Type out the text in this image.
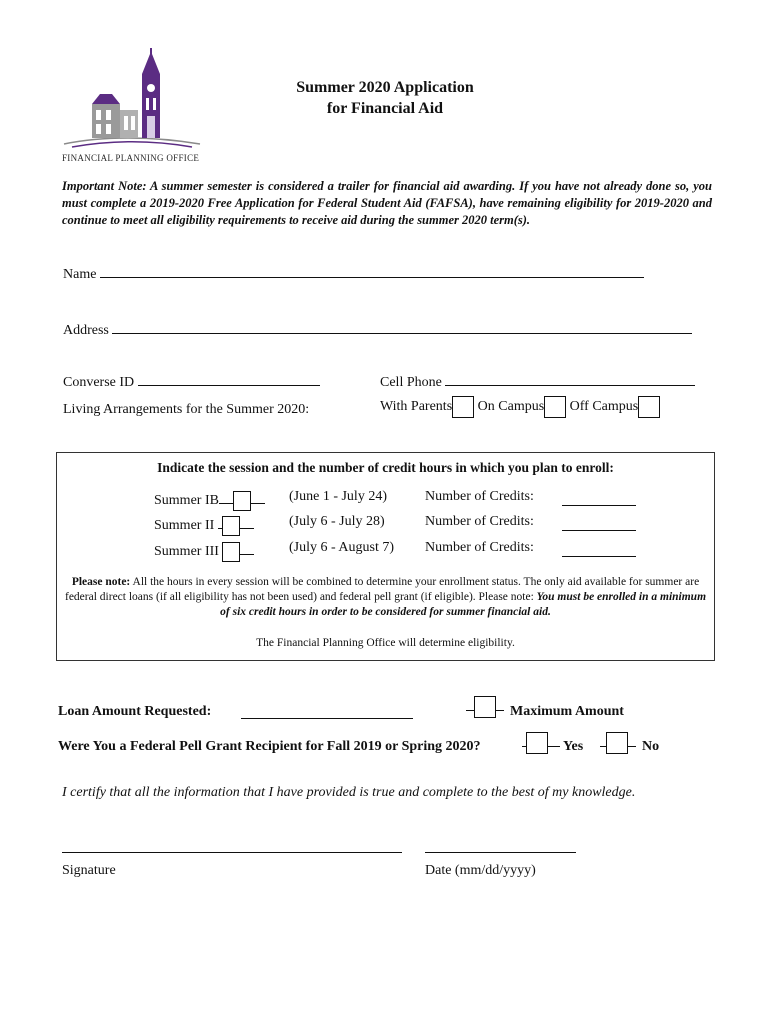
FINANCIAL PLANNING OFFICE
Summer 2020 Application
for Financial Aid
Important Note: A summer semester is considered a trailer for financial aid awarding. If you have not already done so, you must complete a 2019-2020 Free Application for Federal Student Aid (FAFSA), have remaining eligibility for 2019-2020 and continue to meet all eligibility requirements to receive aid during the summer 2020 term(s).
Name
Address
Converse ID	Cell Phone
Living Arrangements for the Summer 2020:	With Parents On Campus Off Campus
Indicate the session and the number of credit hours in which you plan to enroll:
Summer IB	(June 1 - July 24)	Number of Credits:
Summer II	(July 6 - July 28)	Number of Credits:
Summer III	(July 6 - August 7) Number of Credits:
Please note: All the hours in every session will be combined to determine your enrollment status. The only aid available for summer are federal direct loans (if all eligibility has not been used) and federal pell grant (if eligible). Please note: You must be enrolled in a minimum of six credit hours in order to be considered for summer financial aid.
The Financial Planning Office will determine eligibility.
Loan Amount Requested:	Maximum Amount
Were You a Federal Pell Grant Recipient for Fall 2019 or Spring 2020?	Yes	No
I certify that all the information that I have provided is true and complete to the best of my knowledge.
Signature	Date (mm/dd/yyyy)
